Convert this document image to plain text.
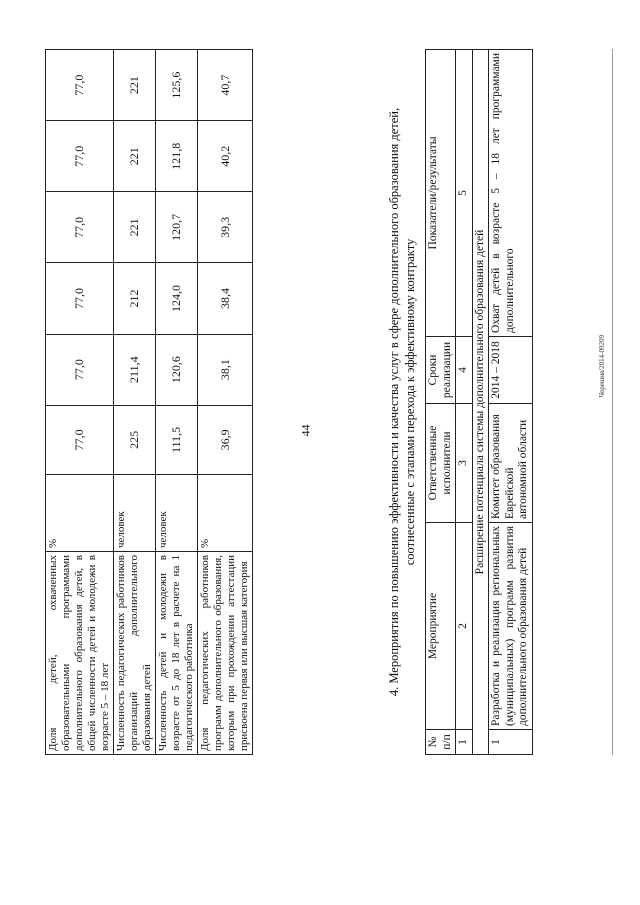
Доля детей, охваченных образовательными программами дополнительного образования детей, в общей численности детей и молодежи в возрасте 5 – 18 лет	%	77,0	77,0	77,0	77,0	77,0	77,0
Численность педагогических работников организаций дополнительного образования детей	человек	225	211,4	212	221	221	221
Численность детей и молодежи в возрасте от 5 до 18 лет в расчете на 1 педагогического работника	человек	111,5	120,6	124,0	120,7	121,8	125,6
Доля педагогических работников программ дополнительного образования, которым при прохождении аттестации присвоена первая или высшая категория	%	36,9	38,1	38,4	39,3	40,2	40,7
4. Мероприятия по повышению эффективности и качества услуг в сфере дополнительного образования детей, соотнесенные с этапами перехода к эффективному контракту
№ п/п	Мероприятие	Ответственные исполнители	Сроки реализации	Показатели/результаты
1	2	3	4	5
Расширение потенциала системы дополнительного образования детей				
1	Разработка и реализация региональных (муниципальных) программ развития дополнительного образования детей	Комитет образования Еврейской автономной области	2014 – 2018	Охват детей в возрасте 5 – 18 лет программами дополнительного
Черешня/2014-09209
44
